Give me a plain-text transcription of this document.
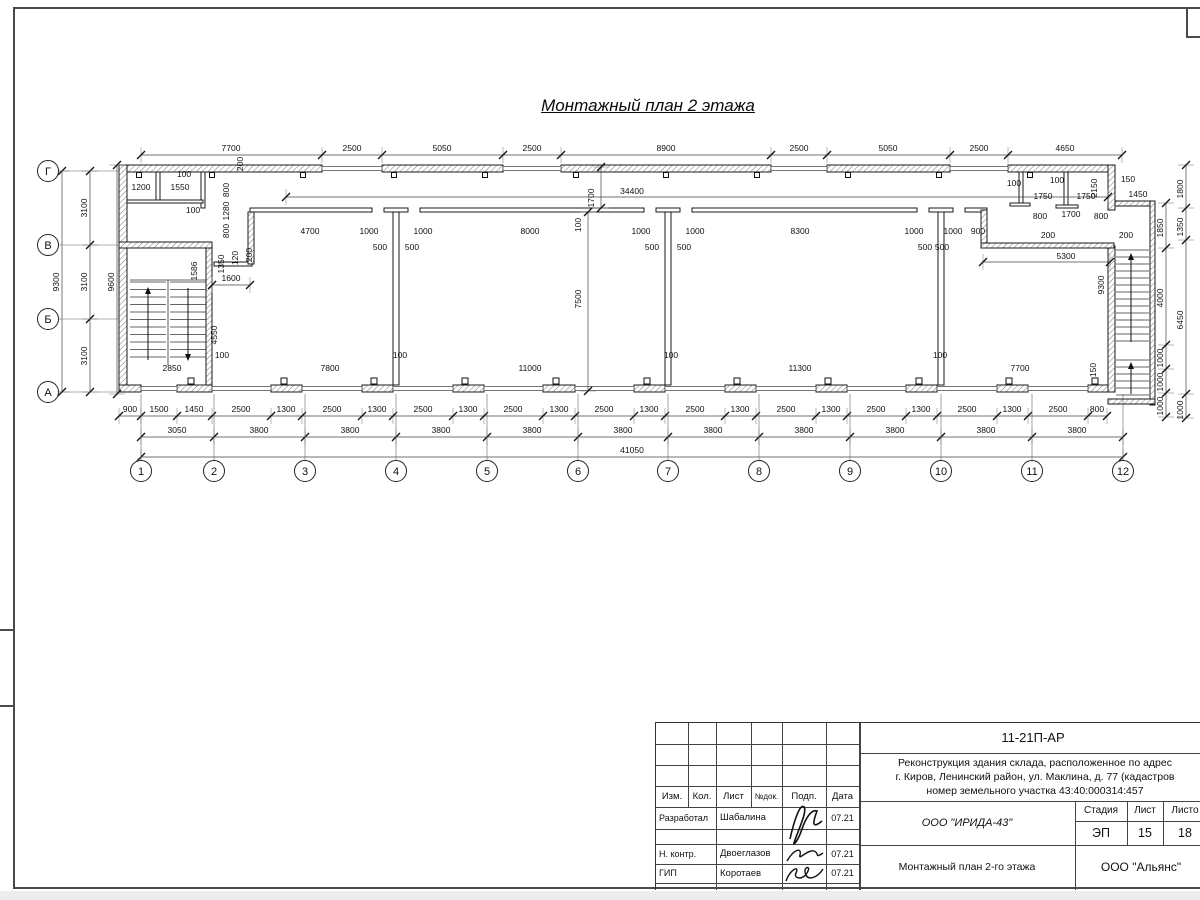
Монтажный план 2 этажа
7700	2500	5050	2500	8900	2500	5050	2500	4650
200
100
1200 1550
100
800
1280
800
1700	34400
100
4700	1000
500
1000
500
8000	1000
500
1000
500
8300	1000
500
1000
500
900
1350 120 200
1586	1600
4550
100
2850
100	100
1750	1750
2150	150
1450
800 1700 800
200	200
5300
9300
7500
1800
1350
6450
1000
1850
4000
1000
1000
1000
100	100	100
7800	11000	11300	7700	150
900 1500 1450	2500	1300	2500	1300	2500	1300	2500	1300	2500	1300	2500	1300	2500	1300	2500	1300	2500	1300	2500	800
3050	3800	3800	3800	3800	3800	3800	3800	3800	3800	3800
41050
3100
3100
3100
9300	9600
1	2	3	4	5	6	7	8	9	10	11	12
Г
В
Б
А
Изм.	Кол.	Лист	№док.	Подп.	Дата
Разработал	Шабалина	07.21
Н. контр.	Двоеглазов	07.21
ГИП	Коротаев	07.21
11-21П-АР
Реконструкция здания склада, расположенное по адрес
г. Киров, Ленинский район, ул. Маклина, д. 77 (кадастров
номер земельного участка 43:40:000314:457
ООО "ИРИДА-43"
Стадия	Лист	Листо
ЭП	15	18
Монтажный план 2-го этажа	ООО "Альянс"
